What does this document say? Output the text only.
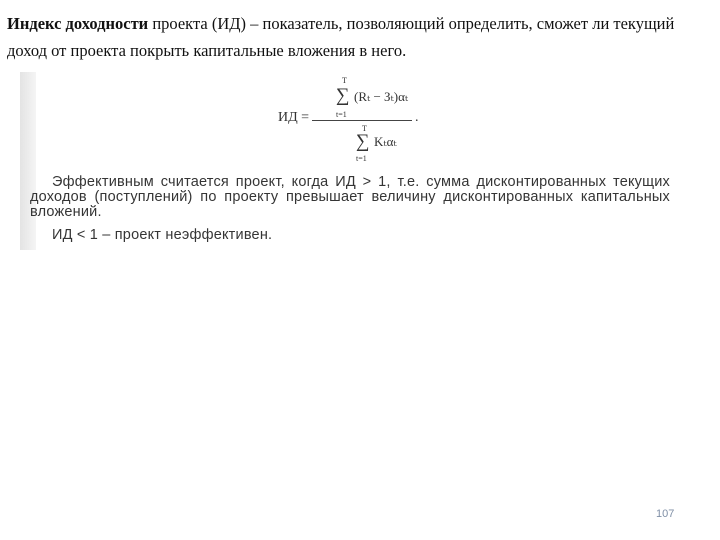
Индекс доходности проекта (ИД) – показатель, позволяющий определить, сможет ли текущий доход от проекта покрыть капитальные вложения в него.

ИД =
T
∑
t=1
(Rₜ − Зₜ)αₜ
.
T
∑
t=1
Kₜαₜ
Эффективным считается проект, когда ИД > 1, т.е. сумма дисконтированных текущих доходов (поступлений) по проекту превышает величину дисконтированных капитальных вложений.
ИД < 1 – проект неэффективен.
107
